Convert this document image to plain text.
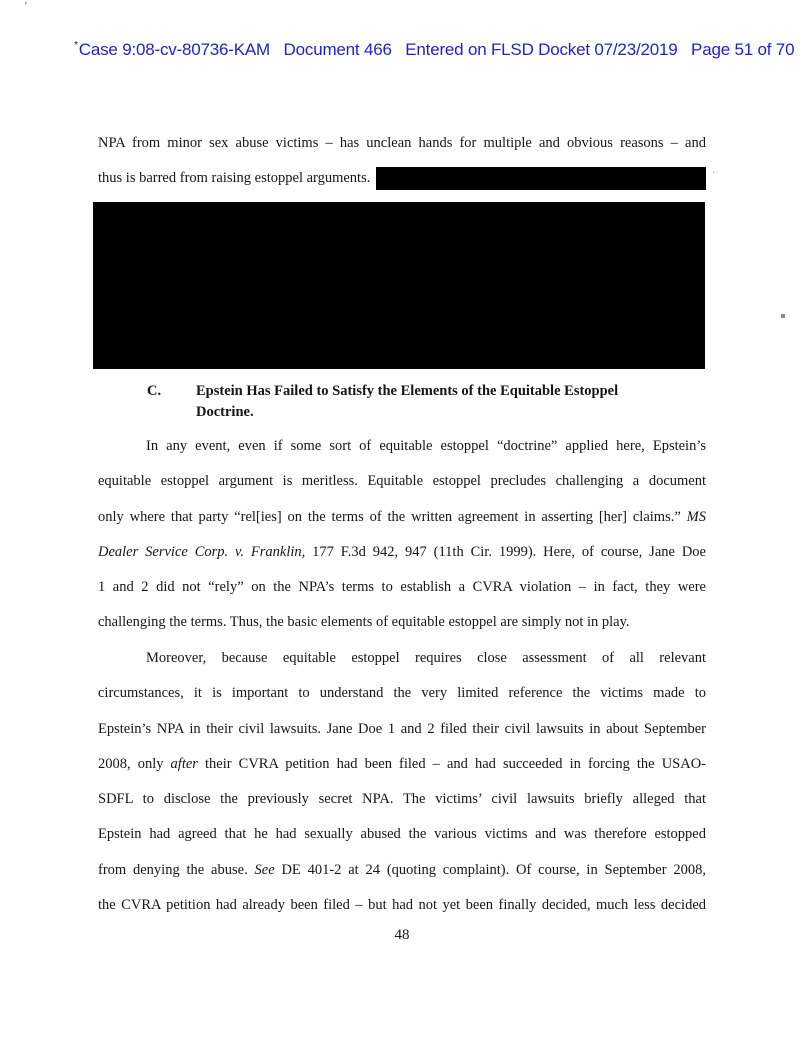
’

*Case 9:08-cv-80736-KAM   Document 466   Entered on FLSD Docket 07/23/2019   Page 51 of 70

’
NPA from minor sex abuse victims – has unclean hands for multiple and obvious reasons – and
thus is barred from raising estoppel arguments.
C.	Epstein Has Failed to Satisfy the Elements of the Equitable Estoppel
Doctrine.
In any event, even if some sort of equitable estoppel “doctrine” applied here, Epstein’s
equitable estoppel argument is meritless. Equitable estoppel precludes challenging a document
only where that party “rel[ies] on the terms of the written agreement in asserting [her] claims.” MS
Dealer Service Corp. v. Franklin, 177 F.3d 942, 947 (11th Cir. 1999). Here, of course, Jane Doe
1 and 2 did not “rely” on the NPA’s terms to establish a CVRA violation – in fact, they were
challenging the terms. Thus, the basic elements of equitable estoppel are simply not in play.
Moreover, because equitable estoppel requires close assessment of all relevant
circumstances, it is important to understand the very limited reference the victims made to
Epstein’s NPA in their civil lawsuits. Jane Doe 1 and 2 filed their civil lawsuits in about September
2008, only after their CVRA petition had been filed – and had succeeded in forcing the USAO-
SDFL to disclose the previously secret NPA. The victims’ civil lawsuits briefly alleged that
Epstein had agreed that he had sexually abused the various victims and was therefore estopped
from denying the abuse. See DE 401-2 at 24 (quoting complaint). Of course, in September 2008,
the CVRA petition had already been filed – but had not yet been finally decided, much less decided
48
